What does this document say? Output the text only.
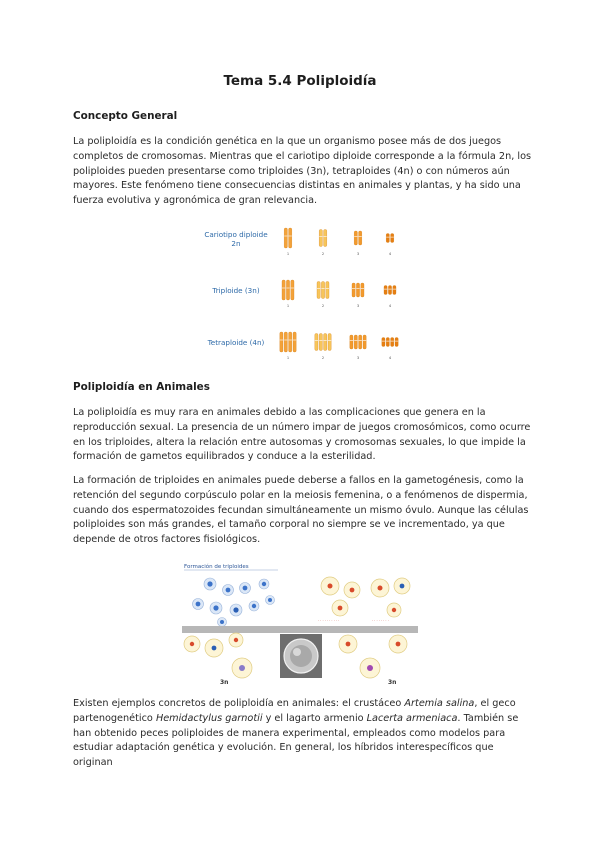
Tema 5.4 Poliploidía
Concepto General
La poliploidía es la condición genética en la que un organismo posee más de dos juegos completos de cromosomas. Mientras que el cariotipo diploide corresponde a la fórmula 2n, los poliploides pueden presentarse como triploides (3n), tetraploides (4n) o con números aún mayores. Este fenómeno tiene consecuencias distintas en animales y plantas, y ha sido una fuerza evolutiva y agronómica de gran relevancia.
Cariotipo diploide
2n
1	2	3	4
Triploide (3n)
1	2	3	4
Tetraploide (4n)
1	2	3	4
Poliploidía en Animales
La poliploidía es muy rara en animales debido a las complicaciones que genera en la reproducción sexual. La presencia de un número impar de juegos cromosómicos, como ocurre en los triploides, altera la relación entre autosomas y cromosomas sexuales, lo que impide la formación de gametos equilibrados y conduce a la esterilidad.
La formación de triploides en animales puede deberse a fallos en la gametogénesis, como la retención del segundo corpúsculo polar en la meiosis femenina, o a fenómenos de dispermia, cuando dos espermatozoides fecundan simultáneamente un mismo óvulo. Aunque las células poliploides son más grandes, el tamaño corporal no siempre se ve incrementado, ya que depende de otros factores fisiológicos.
Formación de triploides
· · · · · · · · · ·	· · · · · · · ·
3n	3n
Existen ejemplos concretos de poliploidía en animales: el crustáceo Artemia salina, el geco partenogenético Hemidactylus garnotii y el lagarto armenio Lacerta armeniaca. También se han obtenido peces poliploides de manera experimental, empleados como modelos para estudiar adaptación genética y evolución. En general, los híbridos interespecíficos que originan
